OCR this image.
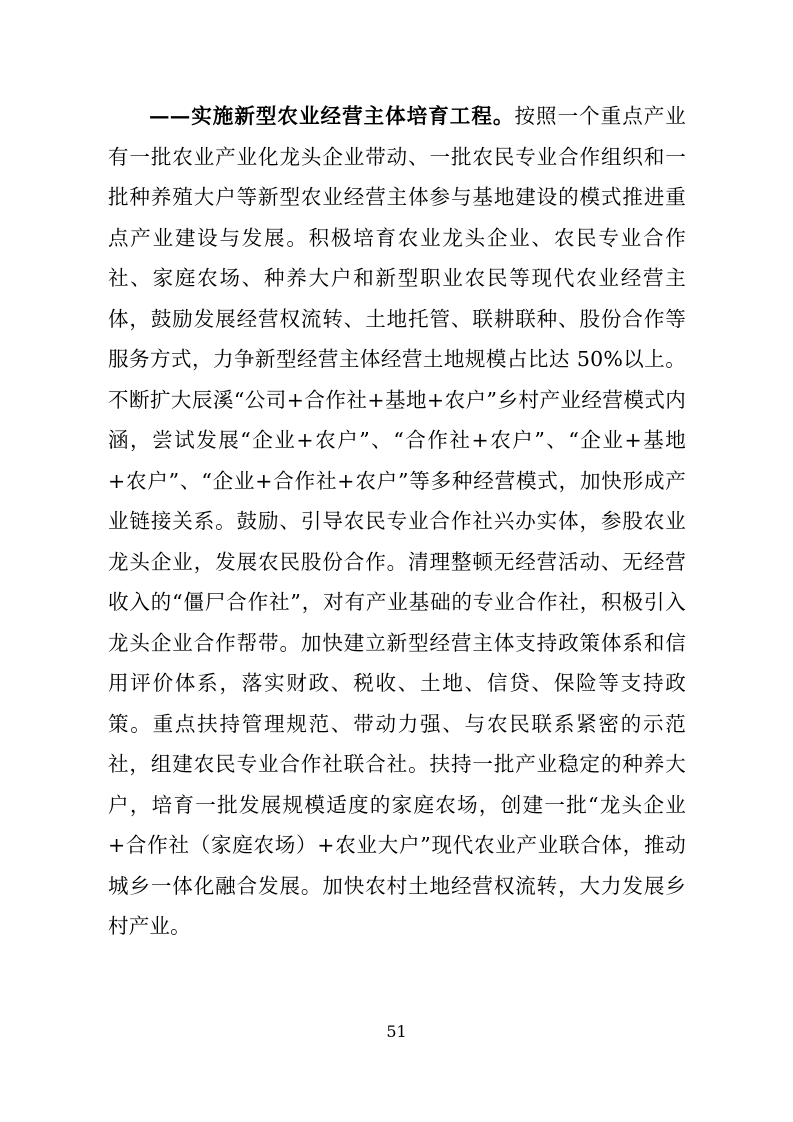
——实施新型农业经营主体培育工程。按照一个重点产业有一批农业产业化龙头企业带动、一批农民专业合作组织和一批种养殖大户等新型农业经营主体参与基地建设的模式推进重点产业建设与发展。积极培育农业龙头企业、农民专业合作社、家庭农场、种养大户和新型职业农民等现代农业经营主体，鼓励发展经营权流转、土地托管、联耕联种、股份合作等服务方式，力争新型经营主体经营土地规模占比达 50%以上。不断扩大辰溪“公司+合作社+基地+农户”乡村产业经营模式内涵，尝试发展“企业+农户”、“合作社+农户”、“企业+基地+农户”、“企业+合作社+农户”等多种经营模式，加快形成产业链接关系。鼓励、引导农民专业合作社兴办实体，参股农业龙头企业，发展农民股份合作。清理整顿无经营活动、无经营收入的“僵尸合作社”，对有产业基础的专业合作社，积极引入龙头企业合作帮带。加快建立新型经营主体支持政策体系和信用评价体系，落实财政、税收、土地、信贷、保险等支持政策。重点扶持管理规范、带动力强、与农民联系紧密的示范社，组建农民专业合作社联合社。扶持一批产业稳定的种养大户，培育一批发展规模适度的家庭农场，创建一批“龙头企业+合作社（家庭农场）+农业大户”现代农业产业联合体，推动城乡一体化融合发展。加快农村土地经营权流转，大力发展乡村产业。

51
